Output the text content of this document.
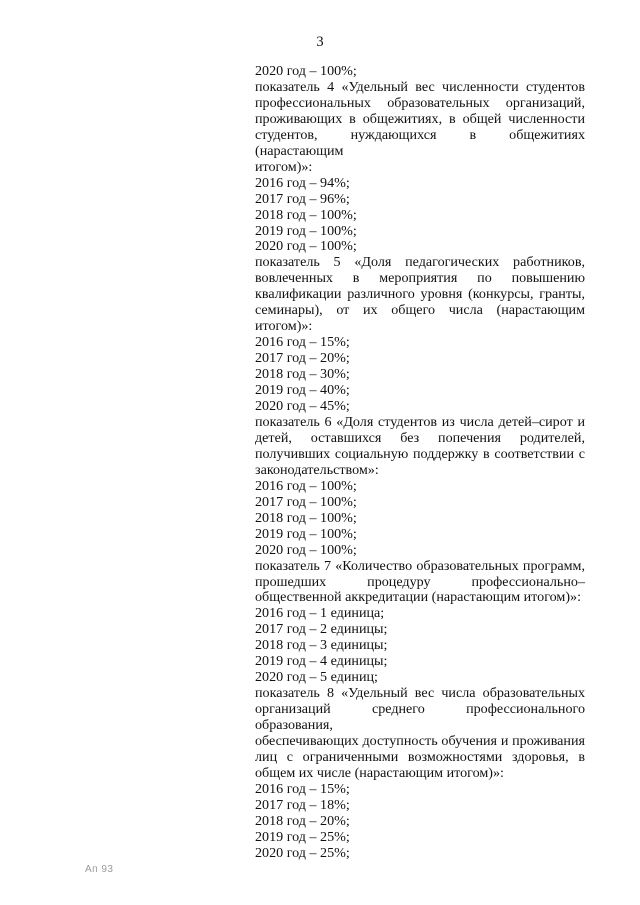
3
2020 год – 100%;
показатель 4 «Удельный вес численности студентов
профессиональных образовательных организаций,
проживающих в общежитиях, в общей численности
студентов, нуждающихся в общежитиях (нарастающим
итогом)»:
2016 год – 94%;
2017 год – 96%;
2018 год – 100%;
2019 год – 100%;
2020 год – 100%;
показатель 5 «Доля педагогических работников,
вовлеченных в мероприятия по повышению
квалификации различного уровня (конкурсы, гранты,
семинары), от их общего числа (нарастающим
итогом)»:
2016 год – 15%;
2017 год – 20%;
2018 год – 30%;
2019 год – 40%;
2020 год – 45%;
показатель 6 «Доля студентов из числа детей–сирот и
детей, оставшихся без попечения родителей,
получивших социальную поддержку в соответствии с
законодательством»:
2016 год – 100%;
2017 год – 100%;
2018 год – 100%;
2019 год – 100%;
2020 год – 100%;
показатель 7 «Количество образовательных программ,
прошедших процедуру профессионально–
общественной аккредитации (нарастающим итогом)»:
2016 год – 1 единица;
2017 год – 2 единицы;
2018 год – 3 единицы;
2019 год – 4 единицы;
2020 год – 5 единиц;
показатель 8 «Удельный вес числа образовательных
организаций среднего профессионального образования,
обеспечивающих доступность обучения и проживания
лиц с ограниченными возможностями здоровья, в
общем их числе (нарастающим итогом)»:
2016 год – 15%;
2017 год – 18%;
2018 год – 20%;
2019 год – 25%;
2020 год – 25%;
Aп 93
